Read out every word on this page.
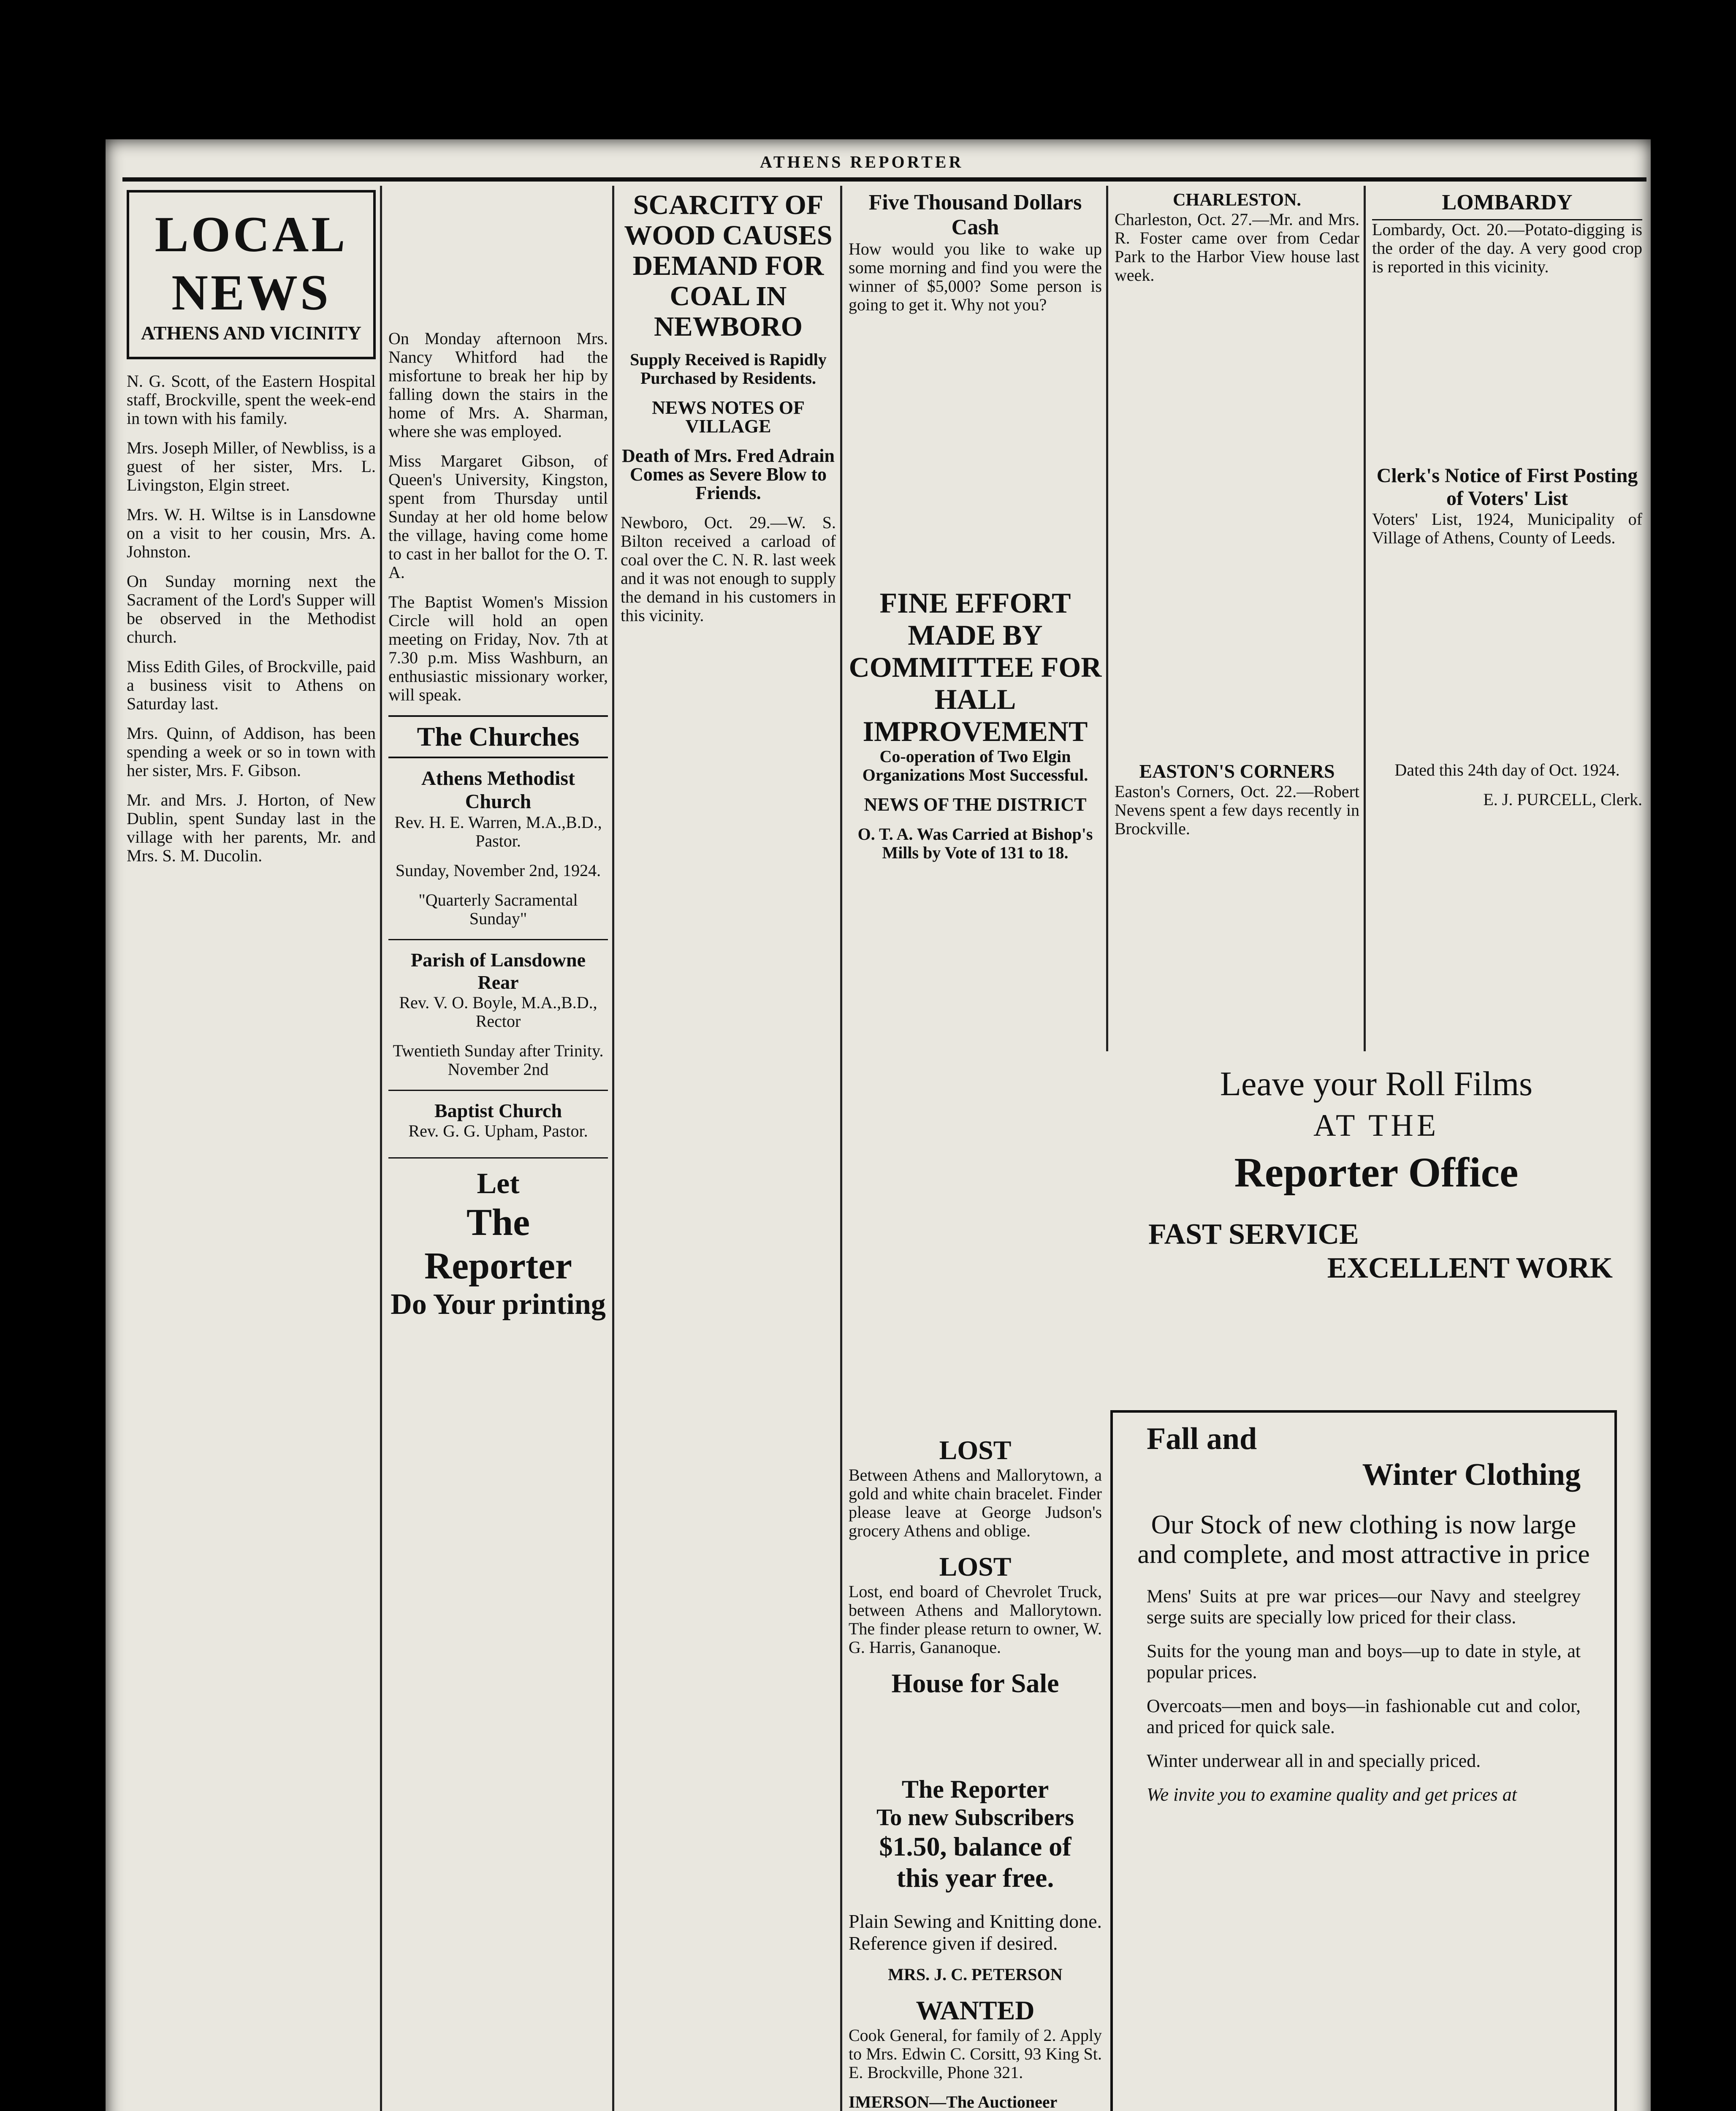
ATHENS REPORTER
LOCAL NEWS
ATHENS AND VICINITY

N. G. Scott, of the Eastern Hospital staff, Brockville, spent the week-end in town with his family.

Mrs. Joseph Miller, of Newbliss, is a guest of her sister, Mrs. L. Livingston, Elgin street.

Mrs. W. H. Wiltse is in Lansdowne on a visit to her cousin, Mrs. A. Johnston.

On Sunday morning next the Sacrament of the Lord's Supper will be observed in the Methodist church.

Miss Edith Giles, of Brockville, paid a business visit to Athens on Saturday last.

Mrs. Quinn, of Addison, has been spending a week or so in town with her sister, Mrs. F. Gibson.

Mr. and Mrs. J. Horton, of New Dublin, spent Sunday last in the village with her parents, Mr. and Mrs. S. M. Ducolin.

On Monday afternoon Mrs. Nancy Whitford had the misfortune to break her hip by falling down the stairs in the home of Mrs. A. Sharman, where she was employed.

Miss Margaret Gibson, of Queen's University, Kingston, spent from Thursday until Sunday at her old home below the village, having come home to cast in her ballot for the O. T. A.

The Baptist Women's Mission Circle will hold an open meeting on Friday, Nov. 7th at 7.30 p.m. Miss Washburn, an enthusiastic missionary worker, will speak.

The Churches
Athens Methodist Church

Rev. H. E. Warren, M.A.,B.D., Pastor.

Sunday, November 2nd, 1924.

"Quarterly Sacramental Sunday"

Parish of Lansdowne Rear

Rev. V. O. Boyle, M.A.,B.D., Rector

Twentieth Sunday after Trinity. November 2nd

Baptist Church

Rev. G. G. Upham, Pastor.

Let
The Reporter
Do Your printing
SCARCITY OF WOOD CAUSES DEMAND FOR COAL IN NEWBORO

Supply Received is Rapidly Purchased by Residents.

NEWS NOTES OF VILLAGE

Death of Mrs. Fred Adrain Comes as Severe Blow to Friends.

Newboro, Oct. 29.—W. S. Bilton received a carload of coal over the C. N. R. last week and it was not enough to supply the demand in his customers in this vicinity.

Five Thousand Dollars Cash

How would you like to wake up some morning and find you were the winner of $5,000? Some person is going to get it. Why not you?

FINE EFFORT MADE BY COMMITTEE FOR HALL IMPROVEMENT

Co-operation of Two Elgin Organizations Most Successful.

NEWS OF THE DISTRICT

O. T. A. Was Carried at Bishop's Mills by Vote of 131 to 18.

LOST

Between Athens and Mallorytown, a gold and white chain bracelet. Finder please leave at George Judson's grocery Athens and oblige.

LOST

Lost, end board of Chevrolet Truck, between Athens and Mallorytown. The finder please return to owner, W. G. Harris, Gananoque.

House for Sale
The Reporter
To new Subscribers
$1.50, balance of
this year free.

Plain Sewing and Knitting done. Reference given if desired.

MRS. J. C. PETERSON

WANTED

Cook General, for family of 2. Apply to Mrs. Edwin C. Corsitt, 93 King St. E. Brockville, Phone 321.

IMERSON—The Auctioneer

CHARLESTON.

Charleston, Oct. 27.—Mr. and Mrs. R. Foster came over from Cedar Park to the Harbor View house last week.

EASTON'S CORNERS

Easton's Corners, Oct. 22.—Robert Nevens spent a few days recently in Brockville.

LOMBARDY

Lombardy, Oct. 20.—Potato-digging is the order of the day. A very good crop is reported in this vicinity.

Clerk's Notice of First Posting of Voters' List

Voters' List, 1924, Municipality of Village of Athens, County of Leeds.

Dated this 24th day of Oct. 1924.

E. J. PURCELL, Clerk.

Leave your Roll Films
AT THE
Reporter Office
FAST SERVICE
EXCELLENT WORK
Fall and
Winter Clothing
Our Stock of new clothing is now large and complete, and most attractive in price

Mens' Suits at pre war prices—our Navy and steelgrey serge suits are specially low priced for their class.

Suits for the young man and boys—up to date in style, at popular prices.

Overcoats—men and boys—in fashionable cut and color, and priced for quick sale.

Winter underwear all in and specially priced.

We invite you to examine quality and get prices at
